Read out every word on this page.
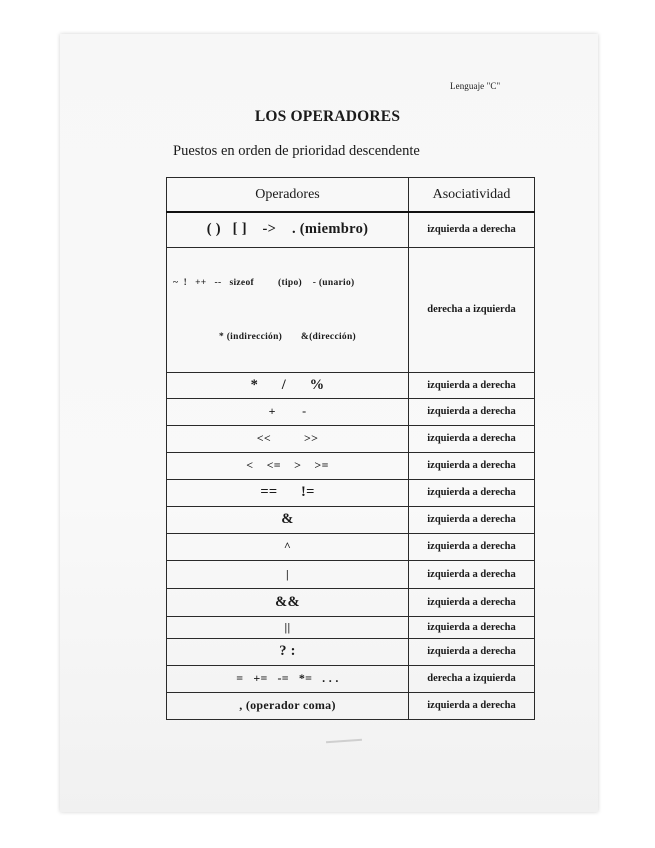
Lenguaje "C"
LOS OPERADORES
Puestos en orden de prioridad descendente
Operadores	Asociatividad
( )   [ ]    ->    . (miembro)	izquierda a derecha

~  !   ++   --   sizeof         (tipo)    - (unario)

* (indirección)       &(dirección)	derecha a izquierda
*      /      %	izquierda a derecha
+        -	izquierda a derecha
<<          >>	izquierda a derecha
<    <=    >    >=	izquierda a derecha
==      !=	izquierda a derecha
&	izquierda a derecha
^	izquierda a derecha
|	izquierda a derecha
&&	izquierda a derecha
||	izquierda a derecha
? :	izquierda a derecha
=   +=   -=   *=   . . .	derecha a izquierda
, (operador coma)	izquierda a derecha
